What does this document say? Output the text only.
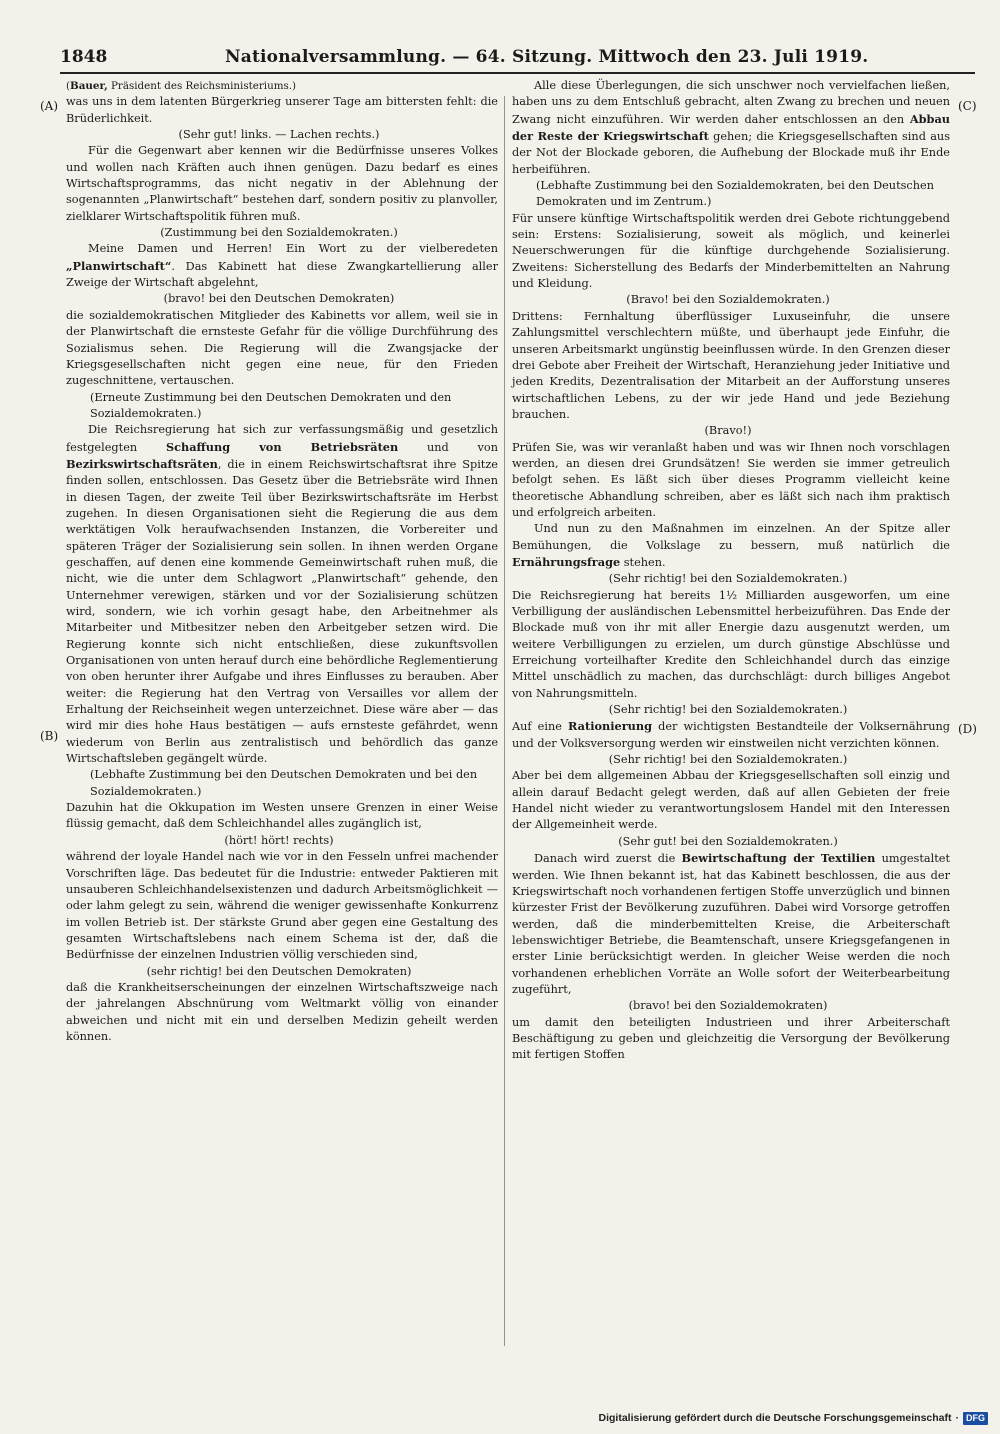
1848	Nationalversammlung. — 64. Sitzung. Mittwoch den 23. Juli 1919.
(A)
(B)
(C)
(D)

(Bauer, Präsident des Reichsministeriums.)

was uns in dem latenten Bürgerkrieg unserer Tage am bittersten fehlt: die Brüderlichkeit.

(Sehr gut! links. — Lachen rechts.)

Für die Gegenwart aber kennen wir die Bedürfnisse unseres Volkes und wollen nach Kräften auch ihnen genügen. Dazu bedarf es eines Wirtschaftsprogramms, das nicht negativ in der Ablehnung der sogenannten „Planwirtschaft“ bestehen darf, sondern positiv zu planvoller, zielklarer Wirtschaftspolitik führen muß.

(Zustimmung bei den Sozialdemokraten.)

Meine Damen und Herren! Ein Wort zu der vielberedeten „Planwirtschaft“. Das Kabinett hat diese Zwangkartellierung aller Zweige der Wirtschaft abgelehnt,

(bravo! bei den Deutschen Demokraten)

die sozialdemokratischen Mitglieder des Kabinetts vor allem, weil sie in der Planwirtschaft die ernsteste Gefahr für die völlige Durchführung des Sozialismus sehen. Die Regierung will die Zwangsjacke der Kriegsgesellschaften nicht gegen eine neue, für den Frieden zugeschnittene, vertauschen.

(Erneute Zustimmung bei den Deutschen Demokraten und den Sozialdemokraten.)

Die Reichsregierung hat sich zur verfassungsmäßig und gesetzlich festgelegten Schaffung von Betriebsräten und von Bezirkswirtschaftsräten, die in einem Reichswirtschaftsrat ihre Spitze finden sollen, entschlossen. Das Gesetz über die Betriebsräte wird Ihnen in diesen Tagen, der zweite Teil über Bezirkswirtschaftsräte im Herbst zugehen. In diesen Organisationen sieht die Regierung die aus dem werktätigen Volk heraufwachsenden Instanzen, die Vorbereiter und späteren Träger der Sozialisierung sein sollen. In ihnen werden Organe geschaffen, auf denen eine kommende Gemeinwirtschaft ruhen muß, die nicht, wie die unter dem Schlagwort „Planwirtschaft“ gehende, den Unternehmer verewigen, stärken und vor der Sozialisierung schützen wird, sondern, wie ich vorhin gesagt habe, den Arbeitnehmer als Mitarbeiter und Mitbesitzer neben den Arbeitgeber setzen wird. Die Regierung konnte sich nicht entschließen, diese zukunftsvollen Organisationen von unten herauf durch eine behördliche Reglementierung von oben herunter ihrer Aufgabe und ihres Einflusses zu berauben. Aber weiter: die Regierung hat den Vertrag von Versailles vor allem der Erhaltung der Reichseinheit wegen unterzeichnet. Diese wäre aber — das wird mir dies hohe Haus bestätigen — aufs ernsteste gefährdet, wenn wiederum von Berlin aus zentralistisch und behördlich das ganze Wirtschaftsleben gegängelt würde.

(Lebhafte Zustimmung bei den Deutschen Demokraten und bei den Sozialdemokraten.)

Dazuhin hat die Okkupation im Westen unsere Grenzen in einer Weise flüssig gemacht, daß dem Schleichhandel alles zugänglich ist,

(hört! hört! rechts)

während der loyale Handel nach wie vor in den Fesseln unfrei machender Vorschriften läge. Das bedeutet für die Industrie: entweder Paktieren mit unsauberen Schleichhandelsexistenzen und dadurch Arbeitsmöglichkeit — oder lahm gelegt zu sein, während die weniger gewissenhafte Konkurrenz im vollen Betrieb ist. Der stärkste Grund aber gegen eine Gestaltung des gesamten Wirtschaftslebens nach einem Schema ist der, daß die Bedürfnisse der einzelnen Industrien völlig verschieden sind,

(sehr richtig! bei den Deutschen Demokraten)

daß die Krankheitserscheinungen der einzelnen Wirtschaftszweige nach der jahrelangen Abschnürung vom Weltmarkt völlig von einander abweichen und nicht mit ein und derselben Medizin geheilt werden können.

Alle diese Überlegungen, die sich unschwer noch vervielfachen ließen, haben uns zu dem Entschluß gebracht, alten Zwang zu brechen und neuen Zwang nicht einzuführen. Wir werden daher entschlossen an den Abbau der Reste der Kriegswirtschaft gehen; die Kriegsgesellschaften sind aus der Not der Blockade geboren, die Aufhebung der Blockade muß ihr Ende herbeiführen.

(Lebhafte Zustimmung bei den Sozialdemokraten, bei den Deutschen Demokraten und im Zentrum.)

Für unsere künftige Wirtschaftspolitik werden drei Gebote richtunggebend sein: Erstens: Sozialisierung, soweit als möglich, und keinerlei Neuerschwerungen für die künftige durchgehende Sozialisierung. Zweitens: Sicherstellung des Bedarfs der Minderbemittelten an Nahrung und Kleidung.

(Bravo! bei den Sozialdemokraten.)

Drittens: Fernhaltung überflüssiger Luxuseinfuhr, die unsere Zahlungsmittel verschlechtern müßte, und überhaupt jede Einfuhr, die unseren Arbeitsmarkt ungünstig beeinflussen würde. In den Grenzen dieser drei Gebote aber Freiheit der Wirtschaft, Heranziehung jeder Initiative und jeden Kredits, Dezentralisation der Mitarbeit an der Aufforstung unseres wirtschaftlichen Lebens, zu der wir jede Hand und jede Beziehung brauchen.

(Bravo!)

Prüfen Sie, was wir veranlaßt haben und was wir Ihnen noch vorschlagen werden, an diesen drei Grundsätzen! Sie werden sie immer getreulich befolgt sehen. Es läßt sich über dieses Programm vielleicht keine theoretische Abhandlung schreiben, aber es läßt sich nach ihm praktisch und erfolgreich arbeiten.

Und nun zu den Maßnahmen im einzelnen. An der Spitze aller Bemühungen, die Volkslage zu bessern, muß natürlich die Ernährungsfrage stehen.

(Sehr richtig! bei den Sozialdemokraten.)

Die Reichsregierung hat bereits 1½ Milliarden ausgeworfen, um eine Verbilligung der ausländischen Lebensmittel herbeizuführen. Das Ende der Blockade muß von ihr mit aller Energie dazu ausgenutzt werden, um weitere Verbilligungen zu erzielen, um durch günstige Abschlüsse und Erreichung vorteilhafter Kredite den Schleichhandel durch das einzige Mittel unschädlich zu machen, das durchschlägt: durch billiges Angebot von Nahrungsmitteln.

(Sehr richtig! bei den Sozialdemokraten.)

Auf eine Rationierung der wichtigsten Bestandteile der Volksernährung und der Volksversorgung werden wir einstweilen nicht verzichten können.

(Sehr richtig! bei den Sozialdemokraten.)

Aber bei dem allgemeinen Abbau der Kriegsgesellschaften soll einzig und allein darauf Bedacht gelegt werden, daß auf allen Gebieten der freie Handel nicht wieder zu verantwortungslosem Handel mit den Interessen der Allgemeinheit werde.

(Sehr gut! bei den Sozialdemokraten.)

Danach wird zuerst die Bewirtschaftung der Textilien umgestaltet werden. Wie Ihnen bekannt ist, hat das Kabinett beschlossen, die aus der Kriegswirtschaft noch vorhandenen fertigen Stoffe unverzüglich und binnen kürzester Frist der Bevölkerung zuzuführen. Dabei wird Vorsorge getroffen werden, daß die minderbemittelten Kreise, die Arbeiterschaft lebenswichtiger Betriebe, die Beamtenschaft, unsere Kriegsgefangenen in erster Linie berücksichtigt werden. In gleicher Weise werden die noch vorhandenen erheblichen Vorräte an Wolle sofort der Weiterbearbeitung zugeführt,

(bravo! bei den Sozialdemokraten)

um damit den beteiligten Industrieen und ihrer Arbeiterschaft Beschäftigung zu geben und gleichzeitig die Versorgung der Bevölkerung mit fertigen Stoffen

Digitalisierung gefördert durch die Deutsche Forschungsgemeinschaft · DFG
